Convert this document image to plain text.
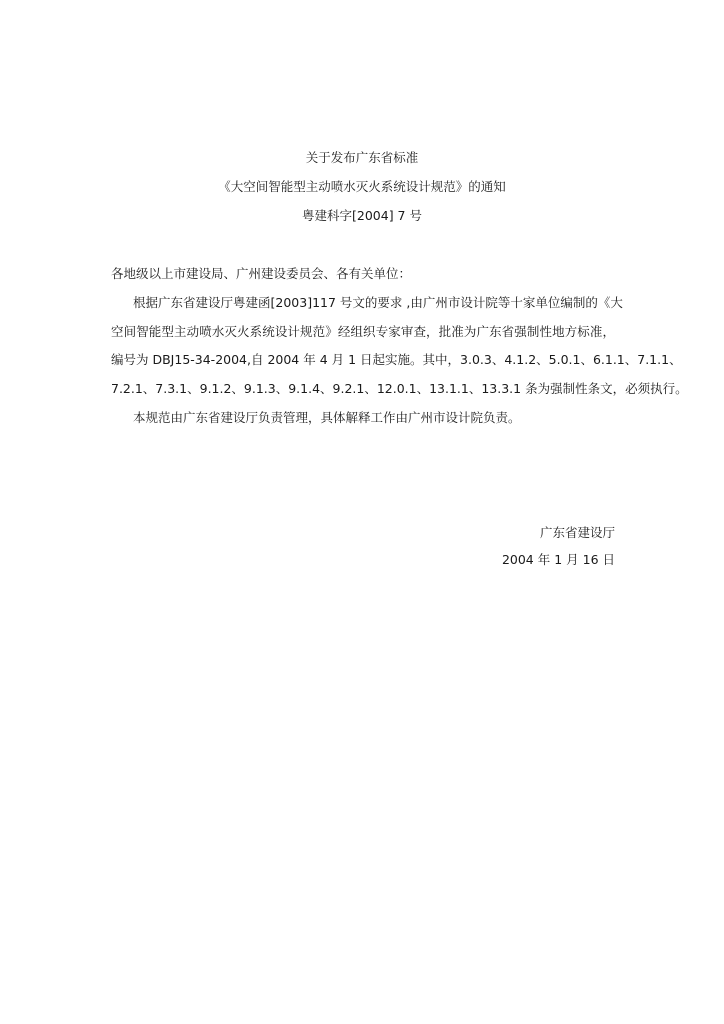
关于发布广东省标准
《大空间智能型主动喷水灭火系统设计规范》的通知
粤建科字[2004] 7 号
各地级以上市建设局、广州建设委员会、各有关单位：
根据广东省建设厅粤建函[2003]117 号文的要求 ,由广州市设计院等十家单位编制的《大
空间智能型主动喷水灭火系统设计规范》经组织专家审查，批准为广东省强制性地方标准，
编号为 DBJ15-34-2004,自 2004 年 4 月 1 日起实施。其中，3.0.3、4.1.2、5.0.1、6.1.1、7.1.1、
7.2.1、7.3.1、9.1.2、9.1.3、9.1.4、9.2.1、12.0.1、13.1.1、13.3.1 条为强制性条文，必须执行。
本规范由广东省建设厅负责管理，具体解释工作由广州市设计院负责。
广东省建设厅
2004 年 1 月 16 日
